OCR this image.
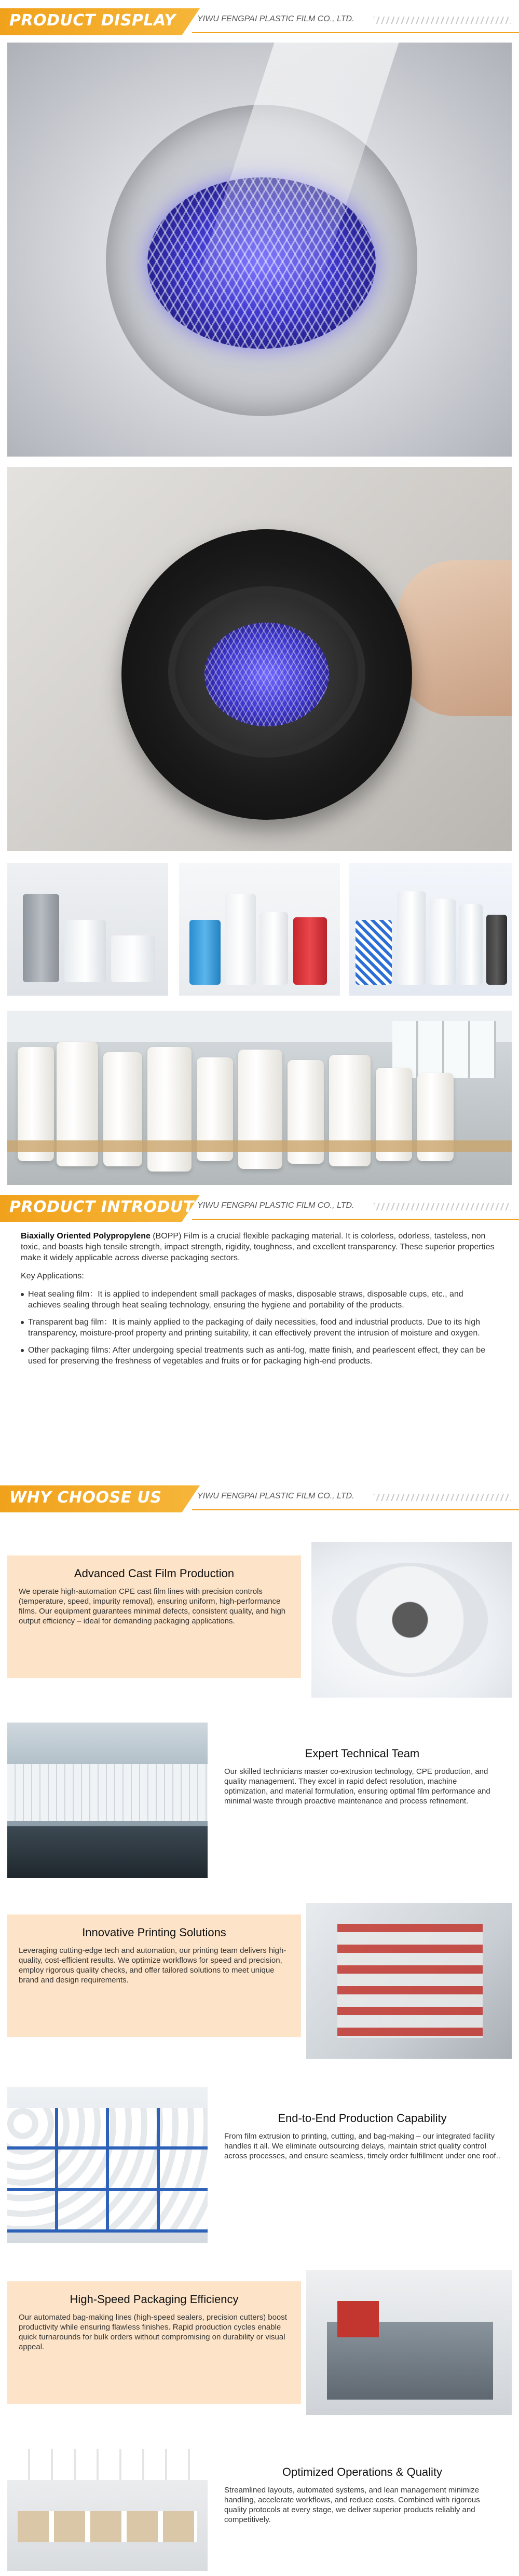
PRODUCT DISPLAY	YIWU FENGPAI PLASTIC FILM CO., LTD.
PRODUCT INTRODUTION
YIWU FENGPAI PLASTIC FILM CO., LTD.

Biaxially Oriented Polypropylene (BOPP) Film is a crucial flexible packaging material. It is colorless, odorless, tasteless, non toxic, and boasts high tensile strength, impact strength, rigidity, toughness, and excellent transparency. These superior properties make it widely applicable across diverse packaging sectors.

Key Applications:

Heat sealing film：It is applied to independent small packages of masks, disposable straws, disposable cups, etc., and achieves sealing through heat sealing technology, ensuring the hygiene and portability of the products.
Transparent bag film：It is mainly applied to the packaging of daily necessities, food and industrial products. Due to its high transparency, moisture-proof property and printing suitability, it can effectively prevent the intrusion of moisture and oxygen.
Other packaging films: After undergoing special treatments such as anti-fog, matte finish, and pearlescent effect, they can be used for preserving the freshness of vegetables and fruits or for packaging high-end products.
WHY CHOOSE US	YIWU FENGPAI PLASTIC FILM CO., LTD.
Advanced Cast Film Production

We operate high-automation CPE cast film lines with precision controls (temperature, speed, impurity removal), ensuring uniform, high-performance films. Our equipment guarantees minimal defects, consistent quality, and high output efficiency – ideal for demanding packaging applications.

Expert Technical Team

Our skilled technicians master co-extrusion technology, CPE production, and quality management. They excel in rapid defect resolution, machine optimization, and material formulation, ensuring optimal film performance and minimal waste through proactive maintenance and process refinement.

Innovative Printing Solutions

Leveraging cutting-edge tech and automation, our printing team delivers high-quality, cost-efficient results. We optimize workflows for speed and precision, employ rigorous quality checks, and offer tailored solutions to meet unique brand and design requirements.

End-to-End Production Capability

From film extrusion to printing, cutting, and bag-making – our integrated facility handles it all. We eliminate outsourcing delays, maintain strict quality control across processes, and ensure seamless, timely order fulfillment under one roof..

High-Speed Packaging Efficiency

Our automated bag-making lines (high-speed sealers, precision cutters) boost productivity while ensuring flawless finishes. Rapid production cycles enable quick turnarounds for bulk orders without compromising on durability or visual appeal.

Optimized Operations & Quality

Streamlined layouts, automated systems, and lean management minimize handling, accelerate workflows, and reduce costs. Combined with rigorous quality protocols at every stage, we deliver superior products reliably and competitively.
